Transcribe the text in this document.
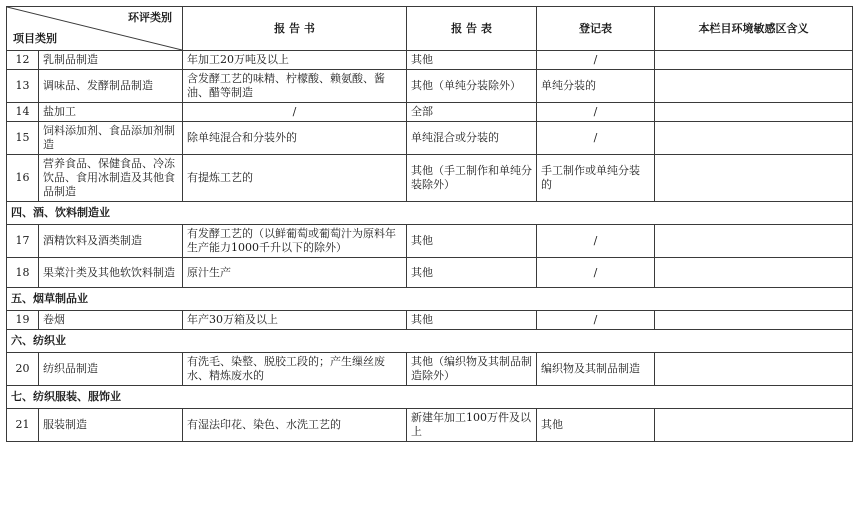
环评类别
项目类别		报 告 书	报 告 表	登记表	本栏目环境敏感区含义
12	乳制品制造	年加工20万吨及以上	其他	/	
13	调味品、发酵制品制造	含发酵工艺的味精、柠檬酸、赖氨酸、酱油、醋等制造	其他（单纯分装除外）	单纯分装的	
14	盐加工	/	全部	/	
15	饲料添加剂、食品添加剂制造	除单纯混合和分装外的	单纯混合或分装的	/	
16	营养食品、保健食品、冷冻饮品、食用冰制造及其他食品制造	有提炼工艺的	其他（手工制作和单纯分装除外）	手工制作或单纯分装的	
四、酒、饮料制造业					
17	酒精饮料及酒类制造	有发酵工艺的（以鲜葡萄或葡萄汁为原料年生产能力1000千升以下的除外）	其他	/	
18	果菜汁类及其他软饮料制造	原汁生产	其他	/	
五、烟草制品业					
19	卷烟	年产30万箱及以上	其他	/	
六、纺织业					
20	纺织品制造	有洗毛、染整、脱胶工段的；产生缫丝废水、精炼废水的	其他（编织物及其制品制造除外）	编织物及其制品制造	
七、纺织服装、服饰业					
21	服装制造	有湿法印花、染色、水洗工艺的	新建年加工100万件及以上	其他	
